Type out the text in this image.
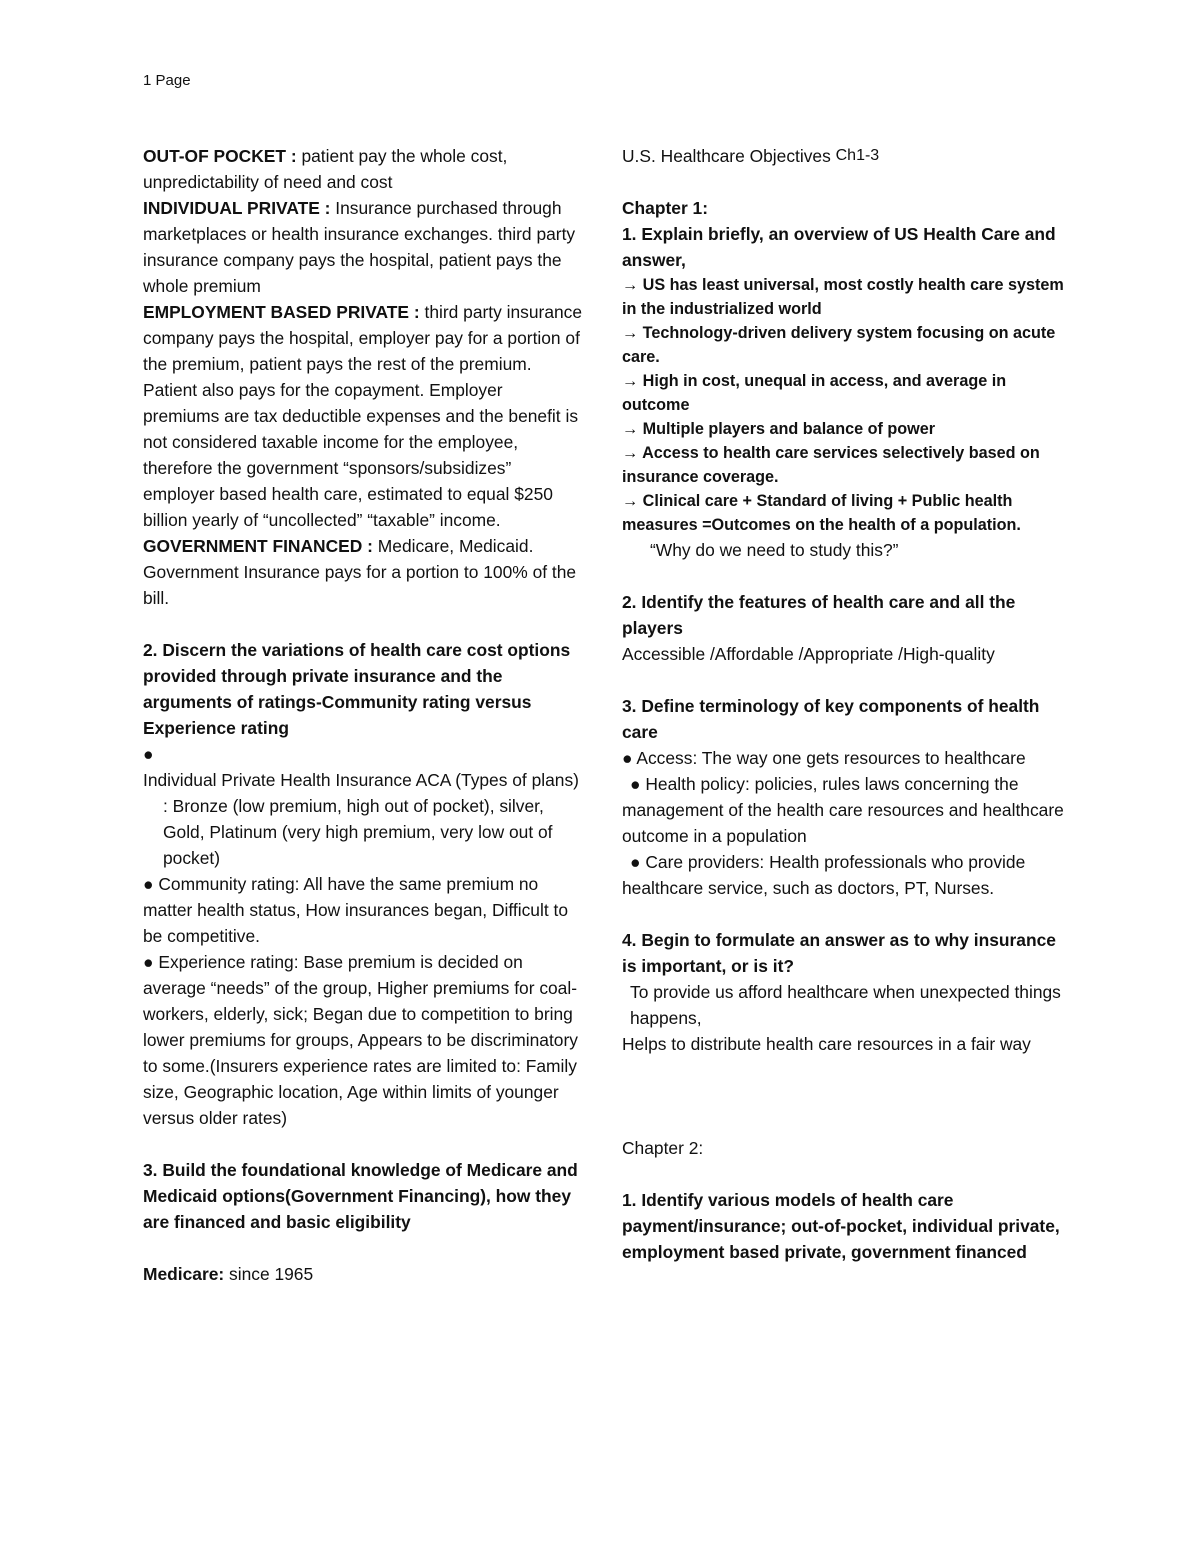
1 Page

OUT-OF POCKET : patient pay the whole cost, unpredictability of need and cost

INDIVIDUAL PRIVATE : Insurance purchased through marketplaces or health insurance exchanges. third party insurance company pays the hospital, patient pays the whole premium

EMPLOYMENT BASED PRIVATE : third party insurance company pays the hospital, employer pay for a portion of the premium, patient pays the rest of the premium. Patient also pays for the copayment. Employer premiums are tax deductible expenses and the benefit is not considered taxable income for the employee, therefore the government “sponsors/subsidizes” employer based health care, estimated to equal $250 billion yearly of “uncollected” “taxable” income.

GOVERNMENT FINANCED : Medicare, Medicaid. Government Insurance pays for a portion to 100% of the bill.

2. Discern the variations of health care cost options provided through private insurance and the arguments of ratings-Community rating versus Experience rating

●

Individual Private Health Insurance ACA (Types of plans) : Bronze (low premium, high out of pocket), silver, Gold, Platinum (very high premium, very low out of pocket)

● Community rating: All have the same premium no matter health status, How insurances began, Difficult to be competitive.

● Experience rating: Base premium is decided on average “needs” of the group, Higher premiums for coal-workers, elderly, sick; Began due to competition to bring lower premiums for groups, Appears to be discriminatory to some.(Insurers experience rates are limited to: Family size, Geographic location, Age within limits of younger versus older rates)

3. Build the foundational knowledge of Medicare and Medicaid options(Government Financing), how they are financed and basic eligibility

Medicare: since 1965

U.S. Healthcare Objectives Ch1-3

Chapter 1:

1. Explain briefly, an overview of US Health Care and answer,

→ US has least universal, most costly health care system in the industrialized world

→ Technology-driven delivery system focusing on acute care.

→ High in cost, unequal in access, and average in outcome

→ Multiple players and balance of power

→ Access to health care services selectively based on insurance coverage.

→ Clinical care + Standard of living + Public health measures =Outcomes on the health of a population.

“Why do we need to study this?”

2. Identify the features of health care and all the players

Accessible /Affordable /Appropriate /High-quality

3. Define terminology of key components of health care

● Access: The way one gets resources to healthcare

● Health policy: policies, rules laws concerning the management of the health care resources and healthcare outcome in a population

● Care providers: Health professionals who provide healthcare service, such as doctors, PT, Nurses.

4. Begin to formulate an answer as to why insurance is important, or is it?

To provide us afford healthcare when unexpected things happens,

Helps to distribute health care resources in a fair way

Chapter 2:

1. Identify various models of health care payment/insurance; out-of-pocket, individual private, employment based private, government financed
